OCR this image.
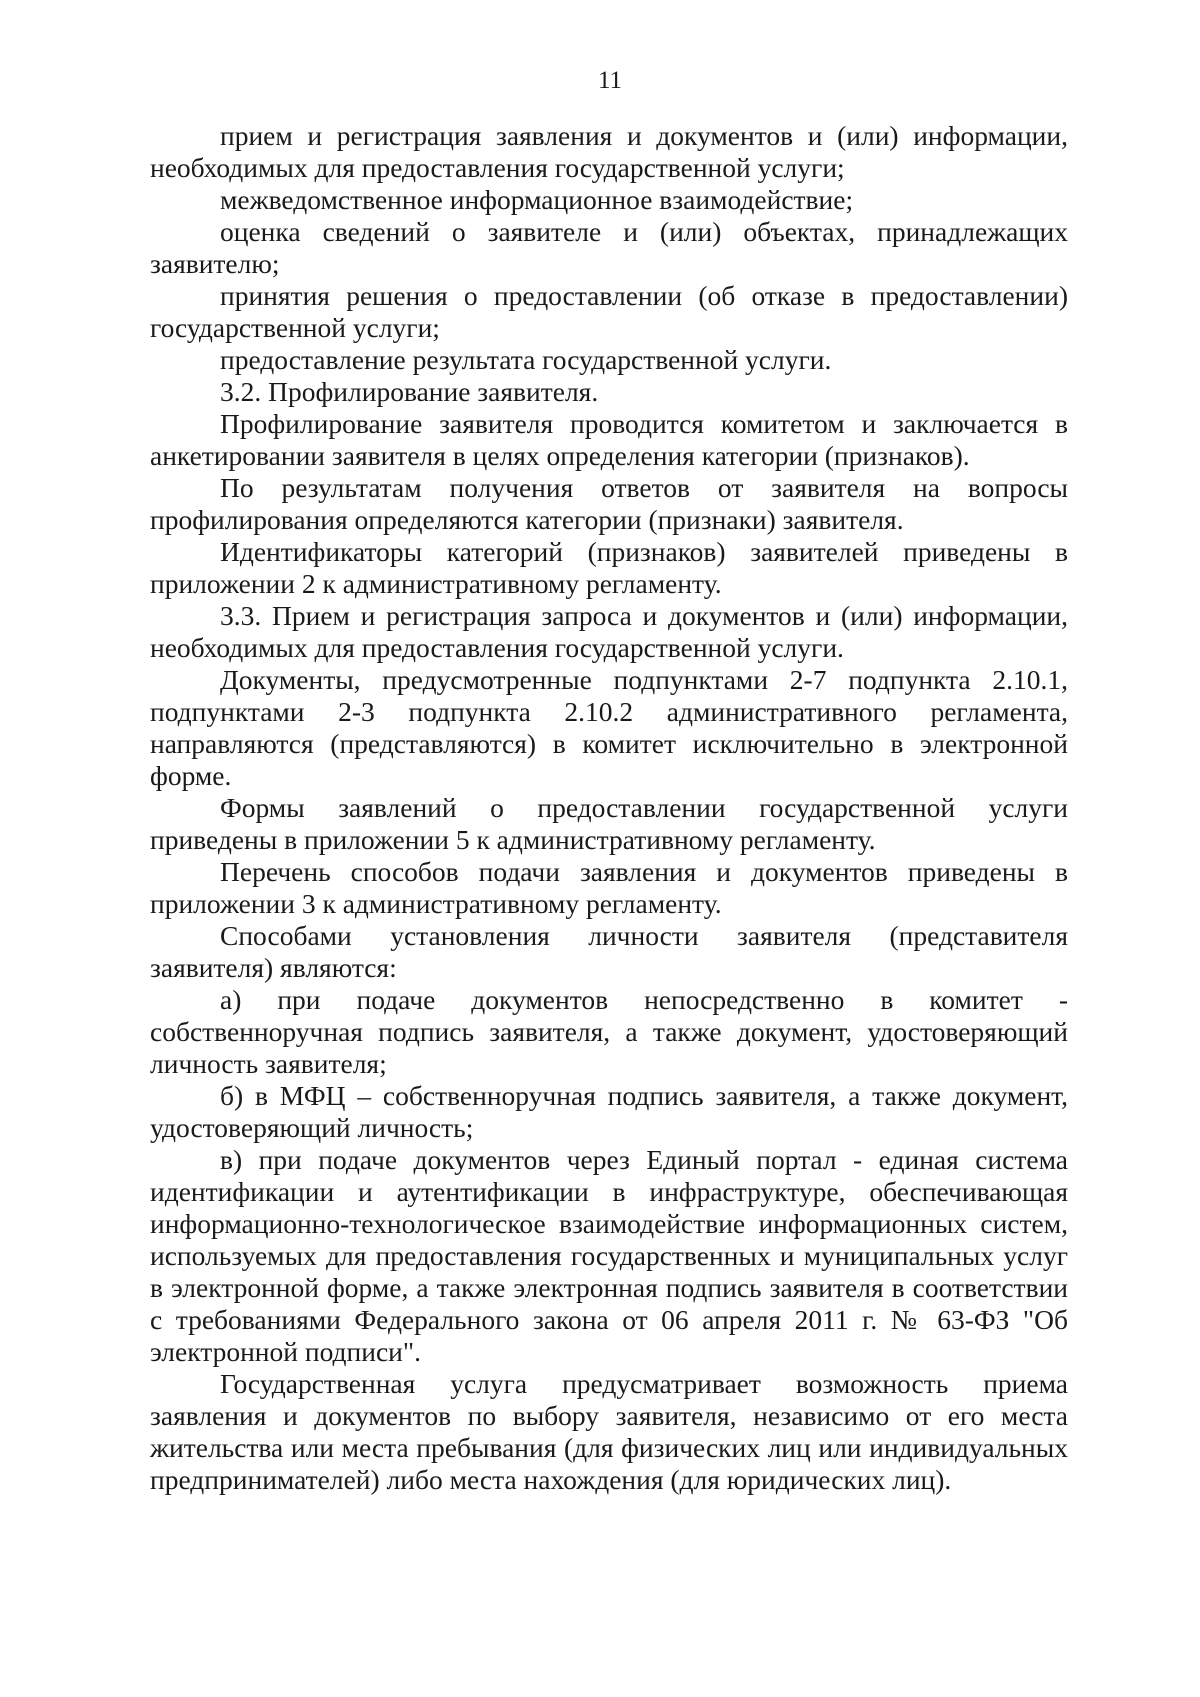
11

прием и регистрация заявления и документов и (или) информации, необходимых для предоставления государственной услуги;

межведомственное информационное взаимодействие;

оценка сведений о заявителе и (или) объектах, принадлежащих заявителю;

принятия решения о предоставлении (об отказе в предоставлении) государственной услуги;

предоставление результата государственной услуги.

3.2. Профилирование заявителя.

Профилирование заявителя проводится комитетом и заключается в анкетировании заявителя в целях определения категории (признаков).

По результатам получения ответов от заявителя на вопросы профилирования определяются категории (признаки) заявителя.

Идентификаторы категорий (признаков) заявителей приведены в приложении 2 к административному регламенту.

3.3. Прием и регистрация запроса и документов и (или) информации, необходимых для предоставления государственной услуги.

Документы, предусмотренные подпунктами 2-7 подпункта 2.10.1, подпунктами 2-3 подпункта 2.10.2 административного регламента, направляются (представляются) в комитет исключительно в электронной форме.

Формы заявлений о предоставлении государственной услуги приведены в приложении 5 к административному регламенту.

Перечень способов подачи заявления и документов приведены в приложении 3 к административному регламенту.

Способами установления личности заявителя (представителя заявителя) являются:

а) при подаче документов непосредственно в комитет - собственноручная подпись заявителя, а также документ, удостоверяющий личность заявителя;

б) в МФЦ – собственноручная подпись заявителя, а также документ, удостоверяющий личность;

в) при подаче документов через Единый портал - единая система идентификации и аутентификации в инфраструктуре, обеспечивающая информационно-технологическое взаимодействие информационных систем, используемых для предоставления государственных и муниципальных услуг в электронной форме, а также электронная подпись заявителя в соответствии с требованиями Федерального закона от 06 апреля 2011 г. № 63-ФЗ "Об электронной подписи".

Государственная услуга предусматривает возможность приема заявления и документов по выбору заявителя, независимо от его места жительства или места пребывания (для физических лиц или индивидуальных предпринимателей) либо места нахождения (для юридических лиц).
